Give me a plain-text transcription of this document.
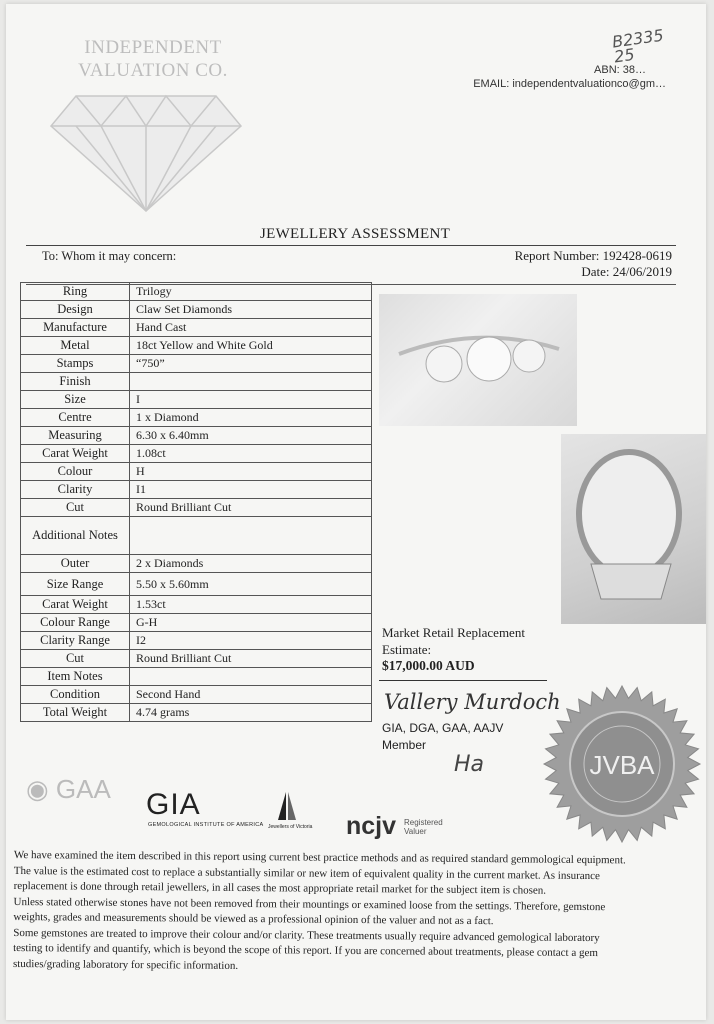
INDEPENDENT
VALUATION CO.	ABN: 38…
EMAIL: independentvaluationco@gm…
B2335
25
JEWELLERY ASSESSMENT
To: Whom it may concern:	Report Number: 192428-0619
Date: 24/06/2019
Ring	Trilogy
Design	Claw Set Diamonds
Manufacture	Hand Cast
Metal	18ct Yellow and White Gold
Stamps	“750”
Finish	
Size	I
Centre	1 x Diamond
Measuring	6.30 x 6.40mm
Carat Weight	1.08ct
Colour	H
Clarity	I1
Cut	Round Brilliant Cut
Additional Notes	
Outer	2 x Diamonds
Size Range	5.50 x 5.60mm
Carat Weight	1.53ct
Colour Range	G-H
Clarity Range	I2
Cut	Round Brilliant Cut
Item Notes	
Condition	Second Hand
Total Weight	4.74 grams
Market Retail Replacement
Estimate:
$17,000.00 AUD
Vallery Murdoch
GIA, DGA, GAA, AAJV
Member
Ha	JVBA
◉ GAA GIA
GEMOLOGICAL INSTITUTE OF AMERICA Jewellers of Victoria ncjv Registered
Valuer

We have examined the item described in this report using current best practice methods and as required standard gemmological equipment.

The value is the estimated cost to replace a substantially similar or new item of equivalent quality in the current market. As insurance

replacement is done through retail jewellers, in all cases the most appropriate retail market for the subject item is chosen.

Unless stated otherwise stones have not been removed from their mountings or examined loose from the settings. Therefore, gemstone

weights, grades and measurements should be viewed as a professional opinion of the valuer and not as a fact.

Some gemstones are treated to improve their colour and/or clarity. These treatments usually require advanced gemological laboratory

testing to identify and quantify, which is beyond the scope of this report. If you are concerned about treatments, please contact a gem

studies/grading laboratory for specific information.
